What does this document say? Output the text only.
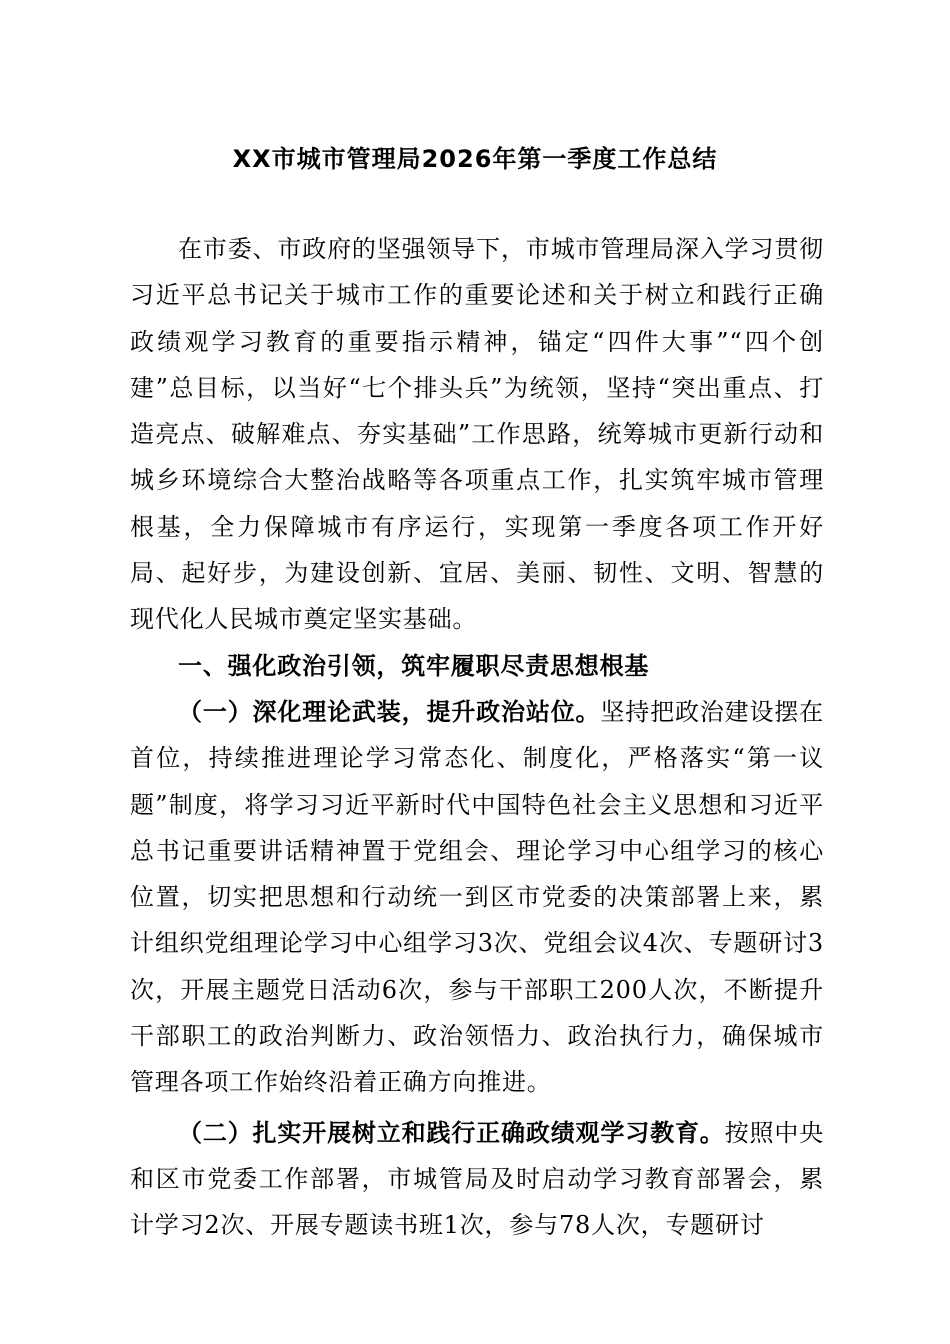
XX市城市管理局2026年第一季度工作总结

在市委、市政府的坚强领导下，市城市管理局深入学习贯彻习近平总书记关于城市工作的重要论述和关于树立和践行正确政绩观学习教育的重要指示精神，锚定“四件大事”“四个创建”总目标，以当好“七个排头兵”为统领，坚持“突出重点、打造亮点、破解难点、夯实基础”工作思路，统筹城市更新行动和城乡环境综合大整治战略等各项重点工作，扎实筑牢城市管理根基，全力保障城市有序运行，实现第一季度各项工作开好局、起好步，为建设创新、宜居、美丽、韧性、文明、智慧的现代化人民城市奠定坚实基础。

一、强化政治引领，筑牢履职尽责思想根基

（一）深化理论武装，提升政治站位。坚持把政治建设摆在首位，持续推进理论学习常态化、制度化，严格落实“第一议题”制度，将学习习近平新时代中国特色社会主义思想和习近平总书记重要讲话精神置于党组会、理论学习中心组学习的核心位置，切实把思想和行动统一到区市党委的决策部署上来，累计组织党组理论学习中心组学习3次、党组会议4次、专题研讨3次，开展主题党日活动6次，参与干部职工200人次，不断提升干部职工的政治判断力、政治领悟力、政治执行力，确保城市管理各项工作始终沿着正确方向推进。

（二）扎实开展树立和践行正确政绩观学习教育。按照中央和区市党委工作部署，市城管局及时启动学习教育部署会，累计学习2次、开展专题读书班1次，参与78人次，专题研讨
